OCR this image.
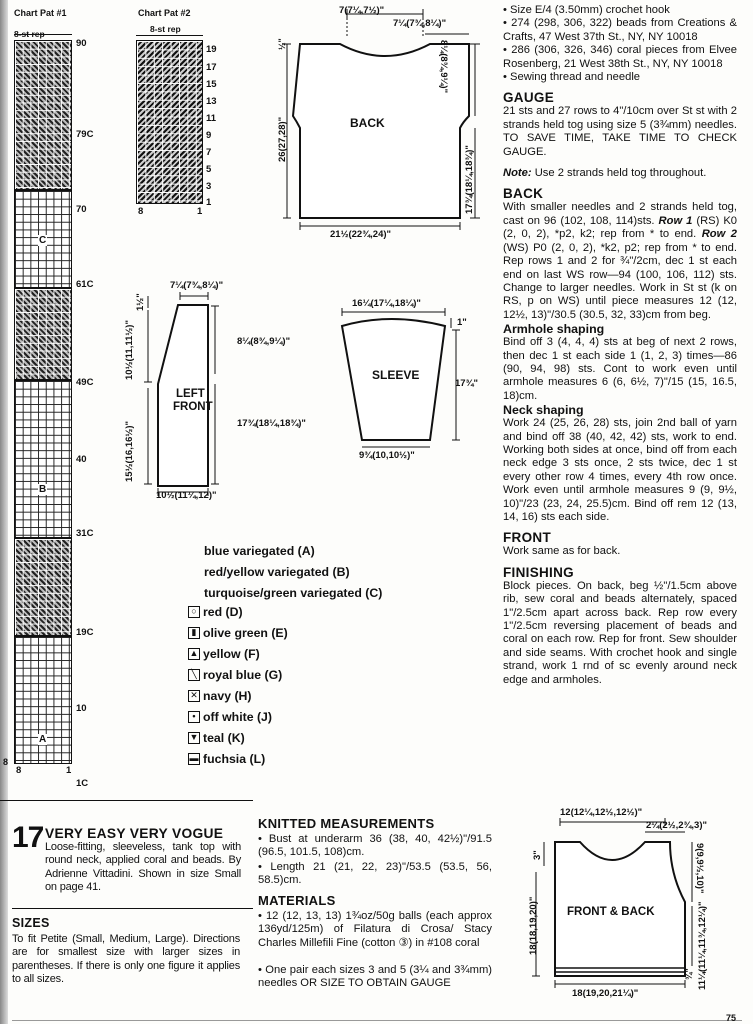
Chart Pat #1
8-st rep
C
B
A
8
90
79C
70
61C
49C
40
31C
19C
10
1C
8	1
Chart Pat #2
8-st rep
19
17
15
13
11
9
7
5
3
1
8	1
7(7¼,7½)"
7¼(7¾,8¼)"
½"
26(27,28)"
8¼(8¾,9¼)"
17¾(18¼,18¾)"
BACK
21½(22¾,24)"
7¼(7¾,8¼)"
1½"
10½(11,11½)"
15½(16,16½)"
8¼(8¾,9¼)"
17¾(18¼,18¾)"
LEFT
FRONT
10½(11¼,12)"
16¼(17¼,18¼)"
1"
17¾"
SLEEVE
9¾(10,10½)"
blue variegated (A)
red/yellow variegated (B)
turquoise/green variegated (C)
○ red (D)
▮ olive green (E)
▲ yellow (F)
╲ royal blue (G)
✕ navy (H)
• off white (J)
▼ teal (K)
▬ fuchsia (L)
17 VERY EASY VERY VOGUE
Loose-fitting, sleeveless, tank top with round neck, applied coral and beads. By Adrienne Vittadini. Shown in size Small on page 41.
SIZES
To fit Petite (Small, Medium, Large). Directions are for smallest size with larger sizes in parentheses. If there is only one figure it applies to all sizes.
KNITTED MEASUREMENTS
• Bust at underarm 36 (38, 40, 42½)"/91.5 (96.5, 101.5, 108)cm.
• Length 21 (21, 22, 23)"/53.5 (53.5, 56, 58.5)cm.
MATERIALS
• 12 (12, 13, 13) 1¾oz/50g balls (each approx 136yd/125m) of Filatura di Crosa/ Stacy Charles Millefili Fine (cotton ③) in #108 coral
• One pair each sizes 3 and 5 (3¼ and 3¾mm) needles OR SIZE TO OBTAIN GAUGE
• Size E/4 (3.50mm) crochet hook
• 274 (298, 306, 322) beads from Creations & Crafts, 47 West 37th St., NY, NY 10018
• 286 (306, 326, 346) coral pieces from Elvee Rosenberg, 21 West 38th St., NY, NY 10018
• Sewing thread and needle
GAUGE
21 sts and 27 rows to 4"/10cm over St st with 2 strands held tog using size 5 (3¾mm) needles. TO SAVE TIME, TAKE TIME TO CHECK GAUGE.
Note: Use 2 strands held tog throughout.
BACK
With smaller needles and 2 strands held tog, cast on 96 (102, 108, 114)sts. Row 1 (RS) K0 (2, 0, 2), *p2, k2; rep from * to end. Row 2 (WS) P0 (2, 0, 2), *k2, p2; rep from * to end. Rep rows 1 and 2 for ¾"/2cm, dec 1 st each end on last WS row—94 (100, 106, 112) sts. Change to larger needles. Work in St st (k on RS, p on WS) until piece measures 12 (12, 12½, 13)"/30.5 (30.5, 32, 33)cm from beg.
Armhole shaping
Bind off 3 (4, 4, 4) sts at beg of next 2 rows, then dec 1 st each side 1 (1, 2, 3) times—86 (90, 94, 98) sts. Cont to work even until armhole measures 6 (6, 6½, 7)"/15 (15, 16.5, 18)cm.
Neck shaping
Work 24 (25, 26, 28) sts, join 2nd ball of yarn and bind off 38 (40, 42, 42) sts, work to end. Working both sides at once, bind off from each neck edge 3 sts once, 2 sts twice, dec 1 st every other row 4 times, every 4th row once. Work even until armhole measures 9 (9, 9½, 10)"/23 (23, 24, 25.5)cm. Bind off rem 12 (13, 14, 16) sts each side.
FRONT
Work same as for back.
FINISHING
Block pieces. On back, beg ½"/1.5cm above rib, sew coral and beads alternately, spaced 1"/2.5cm apart across back. Rep row every 1"/2.5cm reversing placement of beads and coral on each row. Rep for front. Sew shoulder and side seams. With crochet hook and single strand, work 1 rnd of sc evenly around neck edge and armholes.
12(12¼,12½,12½)"
2¼(2½,2¾,3)"
3"
18(18,19,20)"
9(9,9½,10)"
11¼(11¼,11¾,12¼)"
¾"
FRONT & BACK
18(19,20,21¼)"
75
